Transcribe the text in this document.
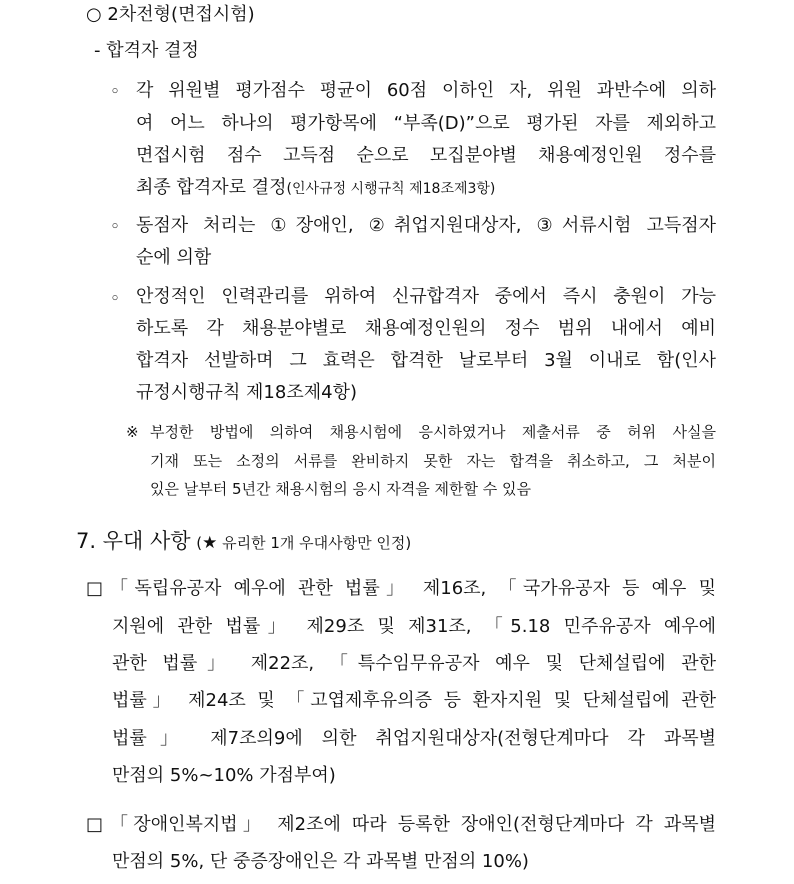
○ 2차전형(면접시험)
- 합격자 결정
◦ 각 위원별 평가점수 평균이 60점 이하인 자, 위원 과반수에 의하
여 어느 하나의 평가항목에 “부족(D)”으로 평가된 자를 제외하고
면접시험 점수 고득점 순으로 모집분야별 채용예정인원 정수를
최종 합격자로 결정(인사규정 시행규칙 제18조제3항)
◦ 동점자 처리는 ①장애인, ②취업지원대상자, ③서류시험 고득점자
순에 의함
◦ 안정적인 인력관리를 위하여 신규합격자 중에서 즉시 충원이 가능
하도록 각 채용분야별로 채용예정인원의 정수 범위 내에서 예비
합격자 선발하며 그 효력은 합격한 날로부터 3월 이내로 함(인사
규정시행규칙 제18조제4항)
※ 부정한 방법에 의하여 채용시험에 응시하였거나 제출서류 중 허위 사실을
기재 또는 소정의 서류를 완비하지 못한 자는 합격을 취소하고, 그 처분이
있은 날부터 5년간 채용시험의 응시 자격을 제한할 수 있음
7. 우대 사항 (★ 유리한 1개 우대사항만 인정)
□ 「독립유공자 예우에 관한 법률」 제16조, 「국가유공자 등 예우 및
지원에 관한 법률」 제29조 및 제31조, 「5.18 민주유공자 예우에
관한 법률」 제22조, 「특수임무유공자 예우 및 단체설립에 관한
법률」 제24조 및 「고엽제후유의증 등 환자지원 및 단체설립에 관한
법률」 제7조의9에 의한 취업지원대상자(전형단계마다 각 과목별
만점의 5%~10% 가점부여)
□ 「장애인복지법」 제2조에 따라 등록한 장애인(전형단계마다 각 과목별
만점의 5%, 단 중증장애인은 각 과목별 만점의 10%)
